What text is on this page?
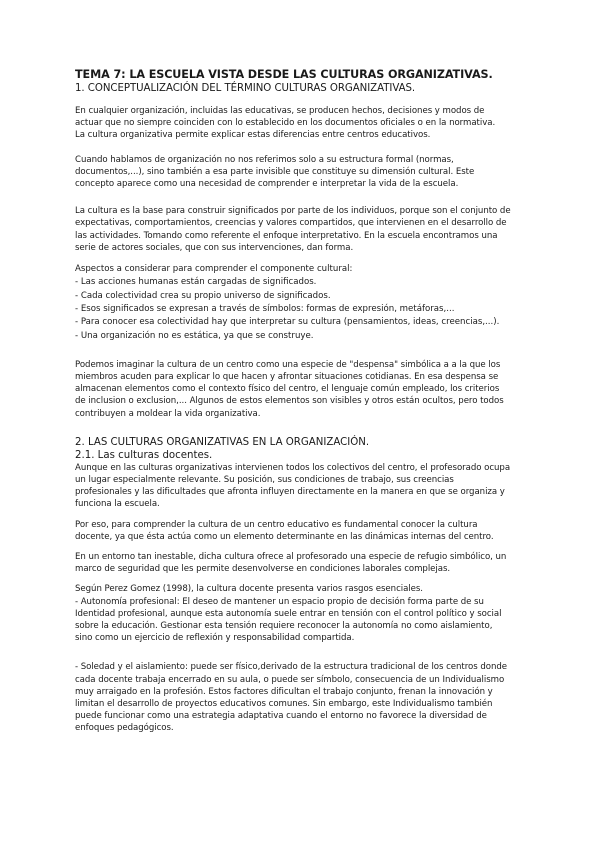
TEMA 7: LA ESCUELA VISTA DESDE LAS CULTURAS ORGANIZATIVAS.
1. CONCEPTUALIZACIÓN DEL TÉRMINO CULTURAS ORGANIZATIVAS.
En cualquier organización, incluidas las educativas, se producen hechos, decisiones y modos de
actuar que no siempre coinciden con lo establecido en los documentos oficiales o en la normativa.
La cultura organizativa permite explicar estas diferencias entre centros educativos.
Cuando hablamos de organización no nos referimos solo a su estructura formal (normas,
documentos,...), sino también a esa parte invisible que constituye su dimensión cultural. Este
concepto aparece como una necesidad de comprender e interpretar la vida de la escuela.
La cultura es la base para construir significados por parte de los individuos, porque son el conjunto de
expectativas, comportamientos, creencias y valores compartidos, que intervienen en el desarrollo de
las actividades. Tomando como referente el enfoque interpretativo. En la escuela encontramos una
serie de actores sociales, que con sus intervenciones, dan forma.
Aspectos a considerar para comprender el componente cultural:
- Las acciones humanas están cargadas de significados.
- Cada colectividad crea su propio universo de significados.
- Esos significados se expresan a través de símbolos: formas de expresión, metáforas,...
- Para conocer esa colectividad hay que interpretar su cultura (pensamientos, ideas, creencias,...).
- Una organización no es estática, ya que se construye.
Podemos imaginar la cultura de un centro como una especie de "despensa" simbólica a a la que los
miembros acuden para explicar lo que hacen y afrontar situaciones cotidianas. En esa despensa se
almacenan elementos como el contexto físico del centro, el lenguaje común empleado, los criterios
de inclusion o exclusion,... Algunos de estos elementos son visibles y otros están ocultos, pero todos
contribuyen a moldear la vida organizativa.
2. LAS CULTURAS ORGANIZATIVAS EN LA ORGANIZACIÓN.
2.1. Las culturas docentes.
Aunque en las culturas organizativas intervienen todos los colectivos del centro, el profesorado ocupa
un lugar especialmente relevante. Su posición, sus condiciones de trabajo, sus creencias
profesionales y las dificultades que afronta influyen directamente en la manera en que se organiza y
funciona la escuela.
Por eso, para comprender la cultura de un centro educativo es fundamental conocer la cultura
docente, ya que ésta actúa como un elemento determinante en las dinámicas internas del centro.
En un entorno tan inestable, dicha cultura ofrece al profesorado una especie de refugio simbólico, un
marco de seguridad que les permite desenvolverse en condiciones laborales complejas.
Según Perez Gomez (1998), la cultura docente presenta varios rasgos esenciales.
- Autonomía profesional: El deseo de mantener un espacio propio de decisión forma parte de su
Identidad profesional, aunque esta autonomía suele entrar en tensión con el control político y social
sobre la educación. Gestionar esta tensión requiere reconocer la autonomía no como aislamiento,
sino como un ejercicio de reflexión y responsabilidad compartida.
- Soledad y el aislamiento: puede ser físico,derivado de la estructura tradicional de los centros donde
cada docente trabaja encerrado en su aula, o puede ser símbolo, consecuencia de un Individualismo
muy arraigado en la profesión. Estos factores dificultan el trabajo conjunto, frenan la innovación y
limitan el desarrollo de proyectos educativos comunes. Sin embargo, este Individualismo también
puede funcionar como una estrategia adaptativa cuando el entorno no favorece la diversidad de
enfoques pedagógicos.
